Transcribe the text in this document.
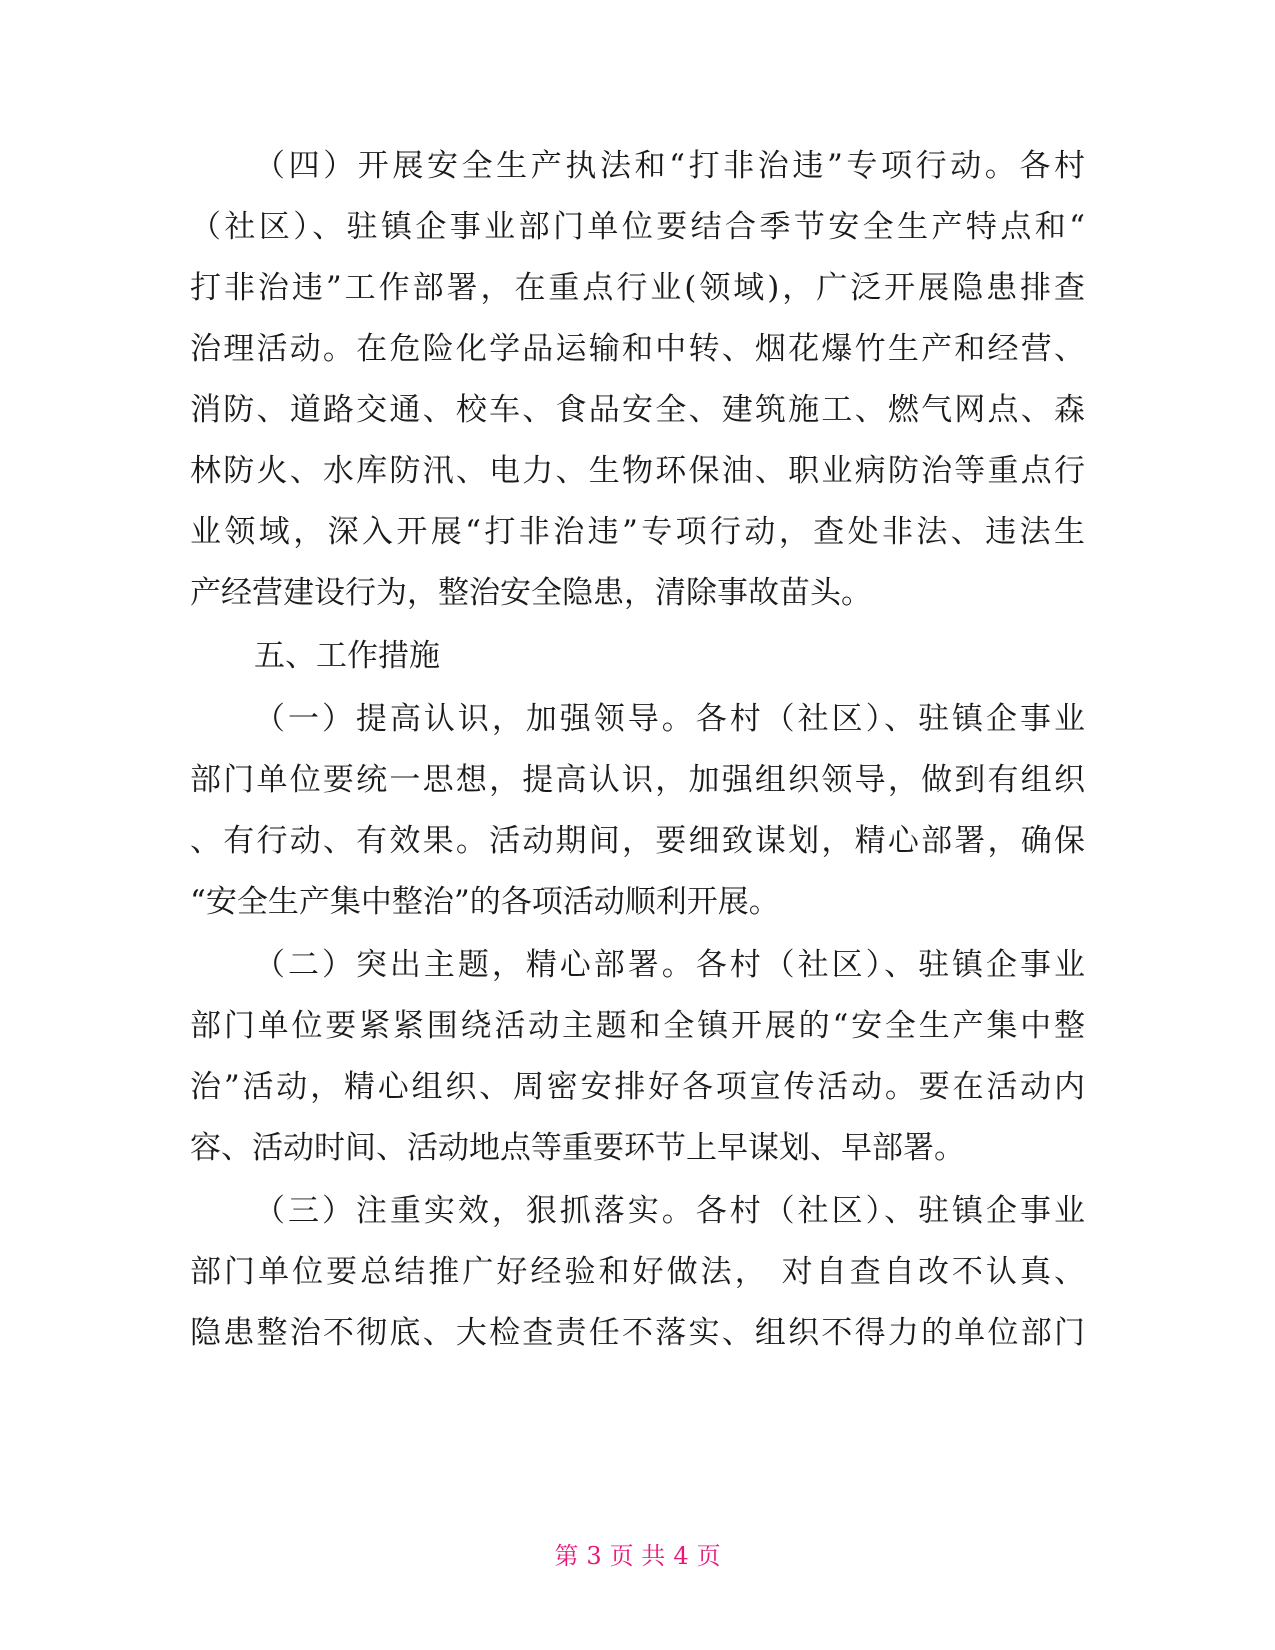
（四）开展安全生产执法和“打非治违”专项行动。各村
（社区）、驻镇企事业部门单位要结合季节安全生产特点和“
打非治违”工作部署，在重点行业(领域)，广泛开展隐患排查
治理活动。在危险化学品运输和中转、烟花爆竹生产和经营、
消防、道路交通、校车、食品安全、建筑施工、燃气网点、森
林防火、水库防汛、电力、生物环保油、职业病防治等重点行
业领域，深入开展“打非治违”专项行动，查处非法、违法生
产经营建设行为，整治安全隐患，清除事故苗头。
五、工作措施
（一）提高认识，加强领导。各村（社区）、驻镇企事业
部门单位要统一思想，提高认识，加强组织领导，做到有组织
、有行动、有效果。活动期间，要细致谋划，精心部署，确保
“安全生产集中整治”的各项活动顺利开展。
（二）突出主题，精心部署。各村（社区）、驻镇企事业
部门单位要紧紧围绕活动主题和全镇开展的“安全生产集中整
治”活动，精心组织、周密安排好各项宣传活动。要在活动内
容、活动时间、活动地点等重要环节上早谋划、早部署。
（三）注重实效，狠抓落实。各村（社区）、驻镇企事业
部门单位要总结推广好经验和好做法， 对自查自改不认真、
隐患整治不彻底、大检查责任不落实、组织不得力的单位部门
第 3 页 共 4 页
